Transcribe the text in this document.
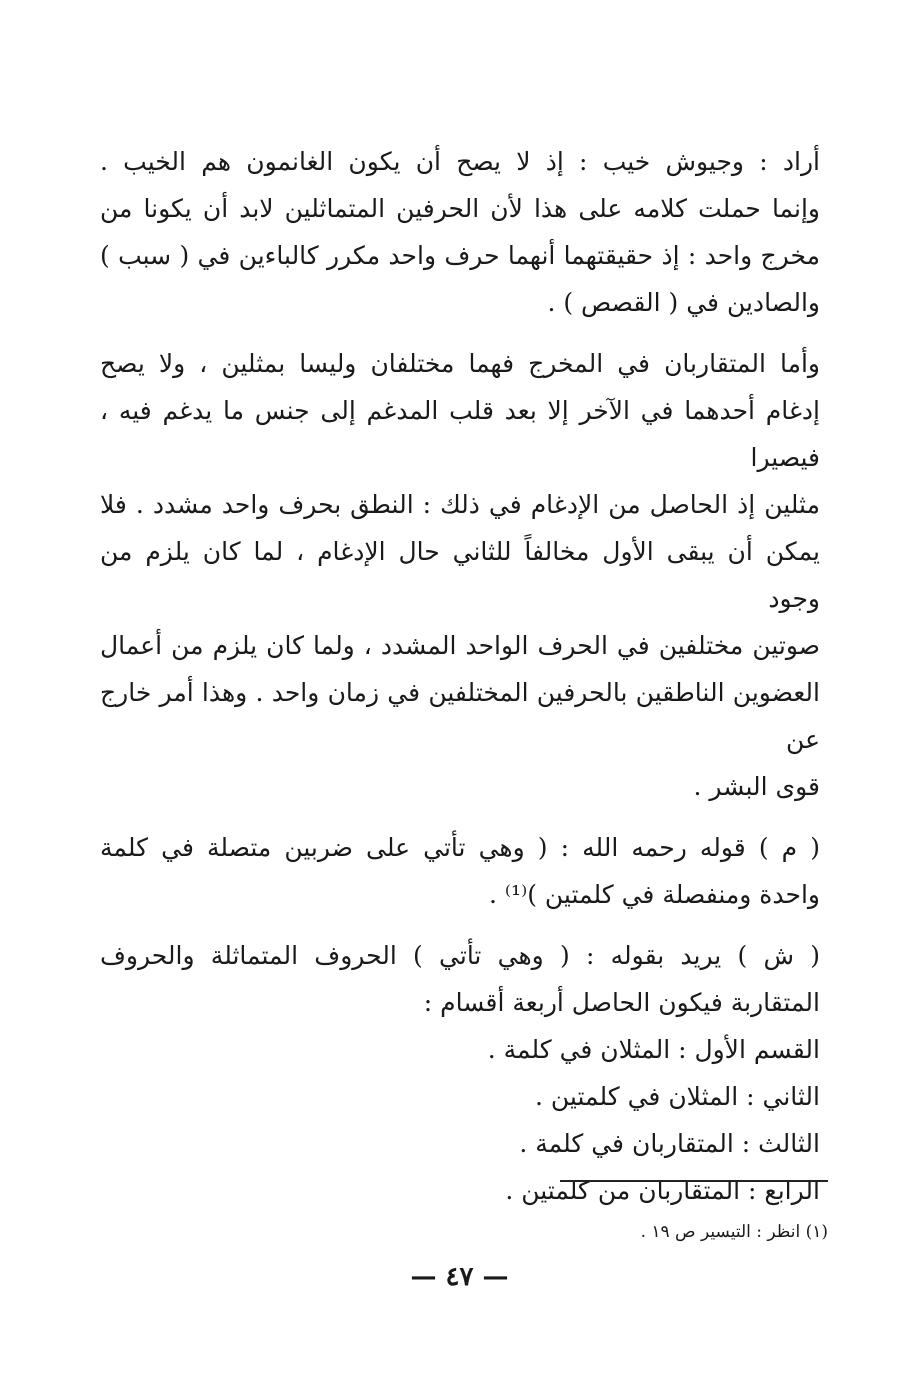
أراد : وجيوش خيب : إذ لا يصح أن يكون الغانمون هم الخيب .
وإنما حملت كلامه على هذا لأن الحرفين المتماثلين لابد أن يكونا من
مخرج واحد : إذ حقيقتهما أنهما حرف واحد مكرر كالباءين في ( سبب )
والصادين في ( القصص ) .

وأما المتقاربان في المخرج فهما مختلفان وليسا بمثلين ، ولا يصح
إدغام أحدهما في الآخر إلا بعد قلب المدغم إلى جنس ما يدغم فيه ، فيصيرا
مثلين إذ الحاصل من الإدغام في ذلك : النطق بحرف واحد مشدد . فلا
يمكن أن يبقى الأول مخالفاً للثاني حال الإدغام ، لما كان يلزم من وجود
صوتين مختلفين في الحرف الواحد المشدد ، ولما كان يلزم من أعمال
العضوين الناطقين بالحرفين المختلفين في زمان واحد . وهذا أمر خارج عن
قوى البشر .

( م ) قوله رحمه الله : ( وهي تأتي على ضربين متصلة في كلمة
واحدة ومنفصلة في كلمتين )⁽¹⁾ .

( ش ) يريد بقوله : ( وهي تأتي ) الحروف المتماثلة والحروف
المتقاربة فيكون الحاصل أربعة أقسام :

القسم الأول : المثلان في كلمة .
الثاني : المثلان في كلمتين .
الثالث : المتقاربان في كلمة .
الرابع : المتقاربان من كلمتين .
(١) انظر : التيسير ص ١٩ .
— ٤٧ —
